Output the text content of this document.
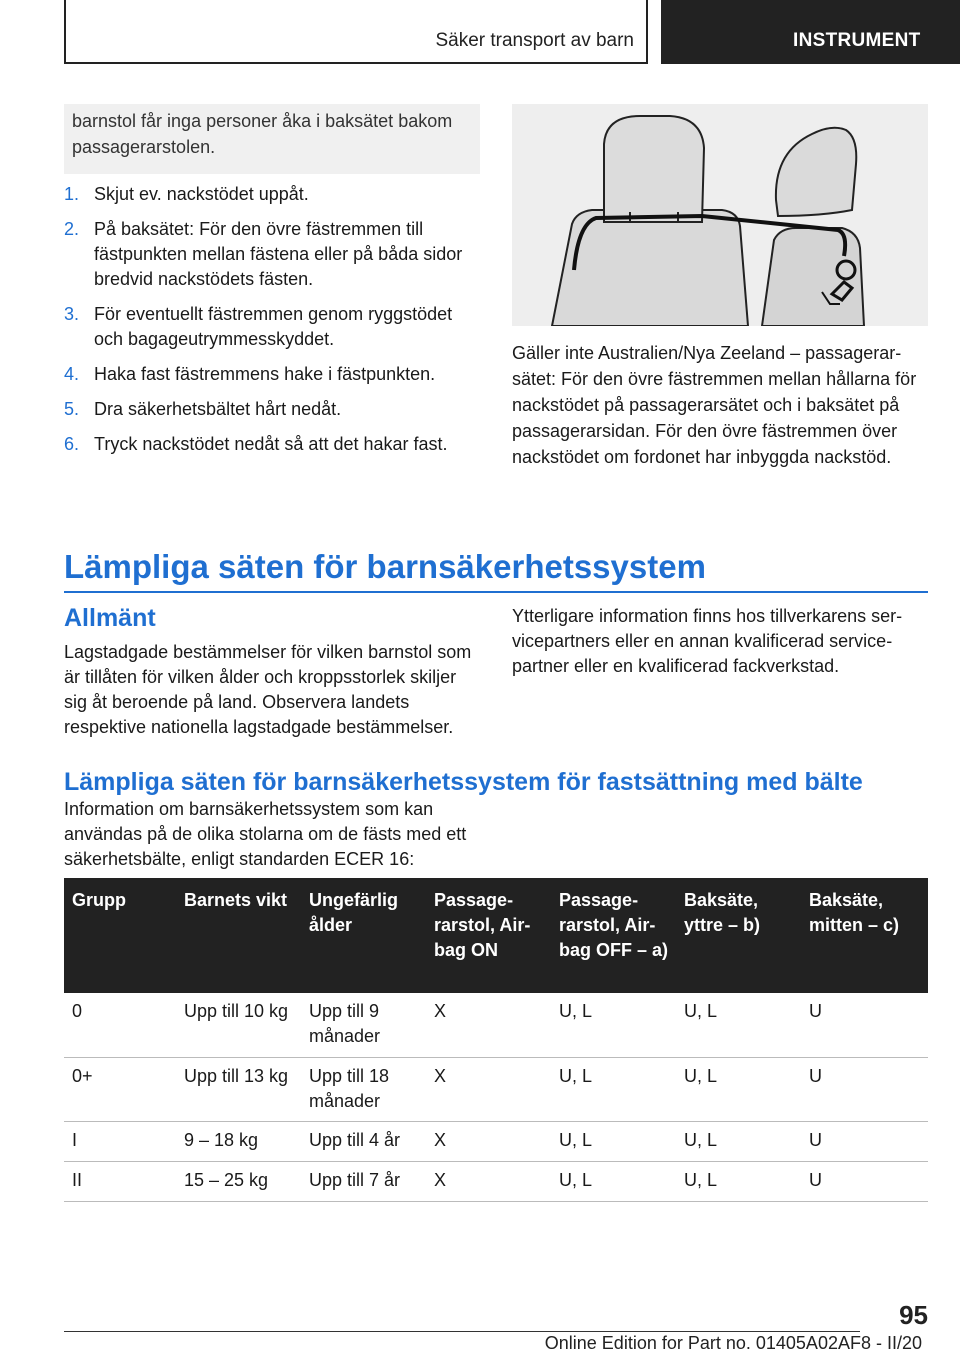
Säker transport av barn	INSTRUMENT
barnstol får inga personer åka i baksätet bakom passagerarstolen.
1. Skjut ev. nackstödet uppåt.
2. På baksätet: För den övre fästremmen till fästpunkten mellan fästena eller på båda sidor bredvid nackstödets fästen.
3. För eventuellt fästremmen genom ryggstödet och bagageutrymmesskyddet.
4. Haka fast fästremmens hake i fästpunkten.
5. Dra säkerhetsbältet hårt nedåt.
6. Tryck nackstödet nedåt så att det hakar fast.
Gäller inte Australien/Nya Zeeland – passagerarsätet: För den övre fästremmen mellan hållarna för nackstödet på passagerarsätet och i baksätet på passagerarsidan. För den övre fästremmen över nackstödet om fordonet har inbyggda nackstöd.
Lämpliga säten för barnsäkerhetssystem
Allmänt
Lagstadgade bestämmelser för vilken barnstol som är tillåten för vilken ålder och kroppsstorlek skiljer sig åt beroende på land. Observera landets respektive nationella lagstadgade bestämmelser.
Ytterligare information finns hos tillverkarens servicepartners eller en annan kvalificerad servicepartner eller en kvalificerad fackverkstad.
Lämpliga säten för barnsäkerhetssystem för fastsättning med bälte
Information om barnsäkerhetssystem som kan användas på de olika stolarna om de fästs med ett säkerhetsbälte, enligt standarden ECER 16:
Grupp	Barnets vikt	Ungefärlig ålder	Passagerarstol, Airbag ON	Passagerarstol, Airbag OFF – a)	Baksäte, yttre – b)	Baksäte, mitten – c)
0	Upp till 10 kg	Upp till 9 månader	X	U, L	U, L	U
0+	Upp till 13 kg	Upp till 18 månader	X	U, L	U, L	U
I	9 – 18 kg	Upp till 4 år	X	U, L	U, L	U
II	15 – 25 kg	Upp till 7 år	X	U, L	U, L	U
95
Online Edition for Part no. 01405A02AF8 - II/20
